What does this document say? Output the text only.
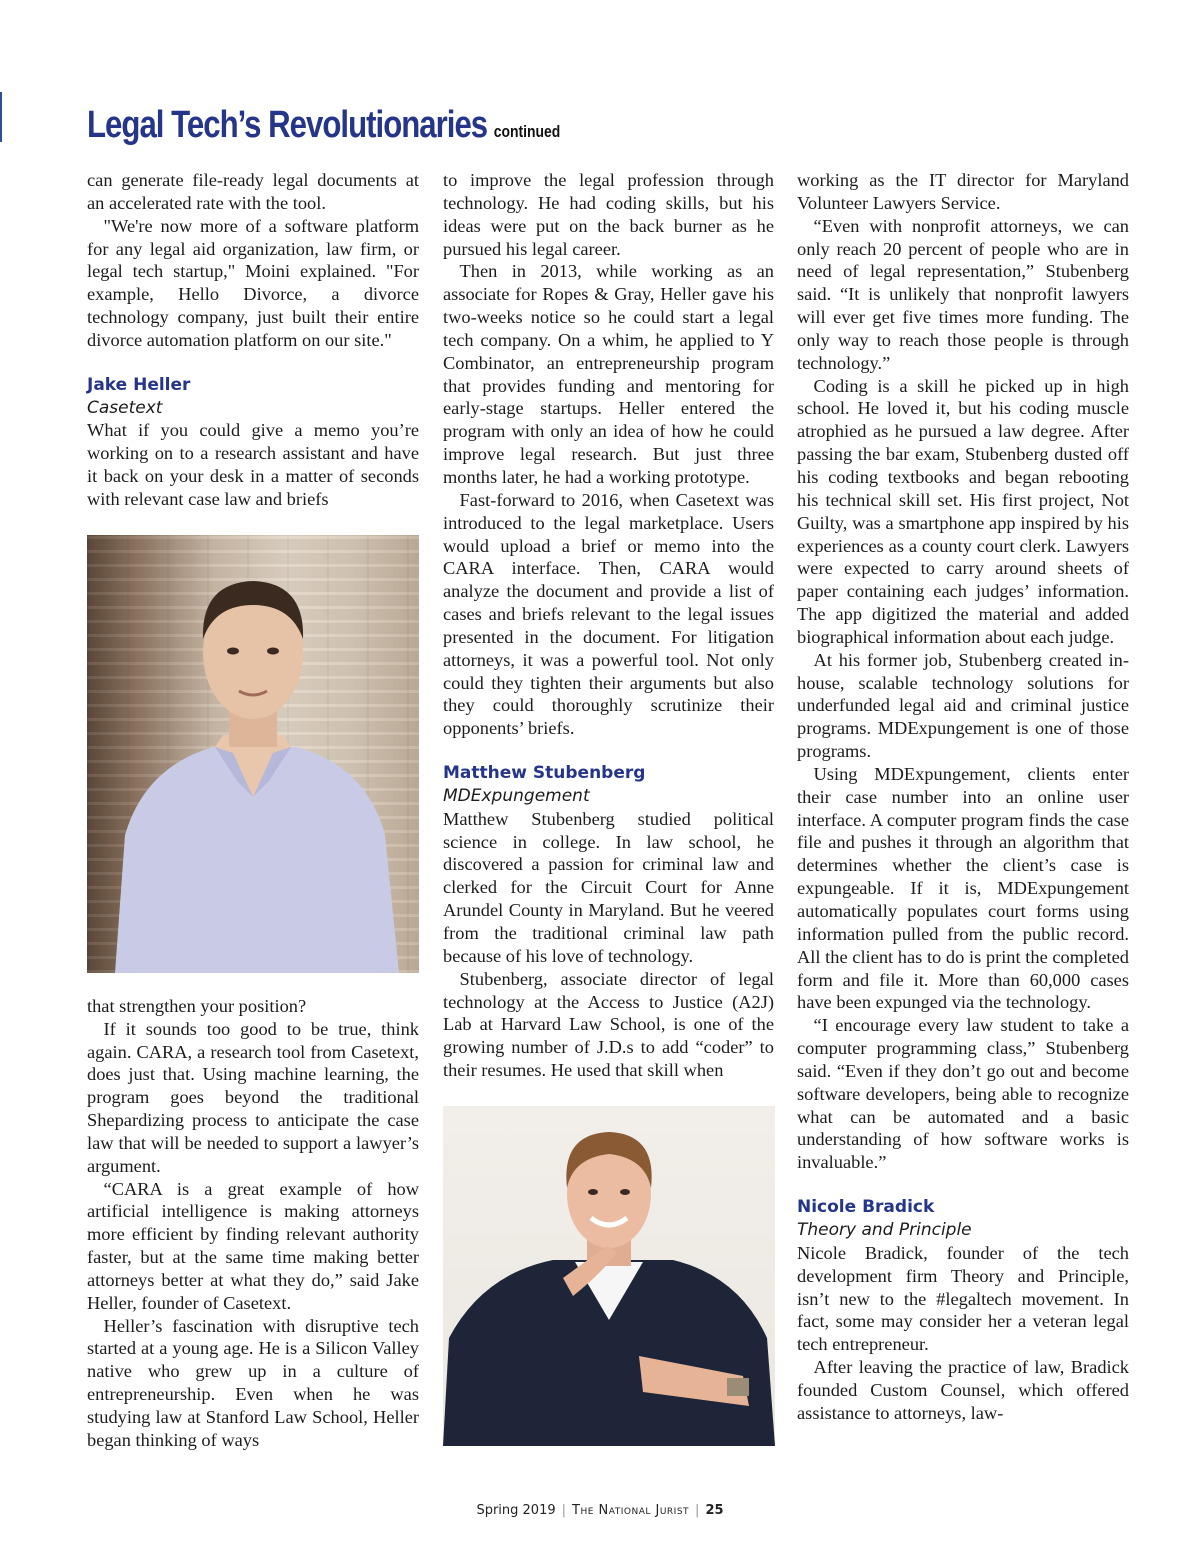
Legal Tech’s Revolutionaries continued

can generate file-ready legal documents at an accelerated rate with the tool.

"We're now more of a software platform for any legal aid organization, law firm, or legal tech startup," Moini explained. "For example, Hello Divorce, a divorce technology company, just built their entire divorce automation platform on our site."

Jake Heller
Casetext

What if you could give a memo you’re working on to a research assistant and have it back on your desk in a matter of seconds with relevant case law and briefs

that strengthen your position?

If it sounds too good to be true, think again. CARA, a research tool from Casetext, does just that. Using machine learning, the program goes beyond the traditional Shepardizing process to anticipate the case law that will be needed to support a lawyer’s argument.

“CARA is a great example of how artificial intelligence is making attorneys more efficient by finding relevant authority faster, but at the same time making better attorneys better at what they do,” said Jake Heller, founder of Casetext.

Heller’s fascination with disruptive tech started at a young age. He is a Silicon Valley native who grew up in a culture of entrepreneurship. Even when he was studying law at Stanford Law School, Heller began thinking of ways

to improve the legal profession through technology. He had coding skills, but his ideas were put on the back burner as he pursued his legal career.

Then in 2013, while working as an associate for Ropes & Gray, Heller gave his two-weeks notice so he could start a legal tech company. On a whim, he applied to Y Combinator, an entrepreneurship program that provides funding and mentoring for early-stage startups. Heller entered the program with only an idea of how he could improve legal research. But just three months later, he had a working prototype.

Fast-forward to 2016, when Casetext was introduced to the legal marketplace. Users would upload a brief or memo into the CARA interface. Then, CARA would analyze the document and provide a list of cases and briefs relevant to the legal issues presented in the document. For litigation attorneys, it was a powerful tool. Not only could they tighten their arguments but also they could thoroughly scrutinize their opponents’ briefs.

Matthew Stubenberg
MDExpungement

Matthew Stubenberg studied political science in college. In law school, he discovered a passion for criminal law and clerked for the Circuit Court for Anne Arundel County in Maryland. But he veered from the traditional criminal law path because of his love of technology.

Stubenberg, associate director of legal technology at the Access to Justice (A2J) Lab at Harvard Law School, is one of the growing number of J.D.s to add “coder” to their resumes. He used that skill when

working as the IT director for Maryland Volunteer Lawyers Service.

“Even with nonprofit attorneys, we can only reach 20 percent of people who are in need of legal representation,” Stubenberg said. “It is unlikely that nonprofit lawyers will ever get five times more funding. The only way to reach those people is through technology.”

Coding is a skill he picked up in high school. He loved it, but his coding muscle atrophied as he pursued a law degree. After passing the bar exam, Stubenberg dusted off his coding textbooks and began rebooting his technical skill set. His first project, Not Guilty, was a smartphone app inspired by his experiences as a county court clerk. Lawyers were expected to carry around sheets of paper containing each judges’ information. The app digitized the material and added biographical information about each judge.

At his former job, Stubenberg created in-house, scalable technology solutions for underfunded legal aid and criminal justice programs. MDExpungement is one of those programs.

Using MDExpungement, clients enter their case number into an online user interface. A computer program finds the case file and pushes it through an algorithm that determines whether the client’s case is expungeable. If it is, MDExpungement automatically populates court forms using information pulled from the public record. All the client has to do is print the completed form and file it. More than 60,000 cases have been expunged via the technology.

“I encourage every law student to take a computer programming class,” Stubenberg said. “Even if they don’t go out and become software developers, being able to recognize what can be automated and a basic understanding of how software works is invaluable.”

Nicole Bradick
Theory and Principle

Nicole Bradick, founder of the tech development firm Theory and Principle, isn’t new to the #legaltech movement. In fact, some may consider her a veteran legal tech entrepreneur.

After leaving the practice of law, Bradick founded Custom Counsel, which offered assistance to attorneys, law-

Spring 2019 | The National Jurist | 25
